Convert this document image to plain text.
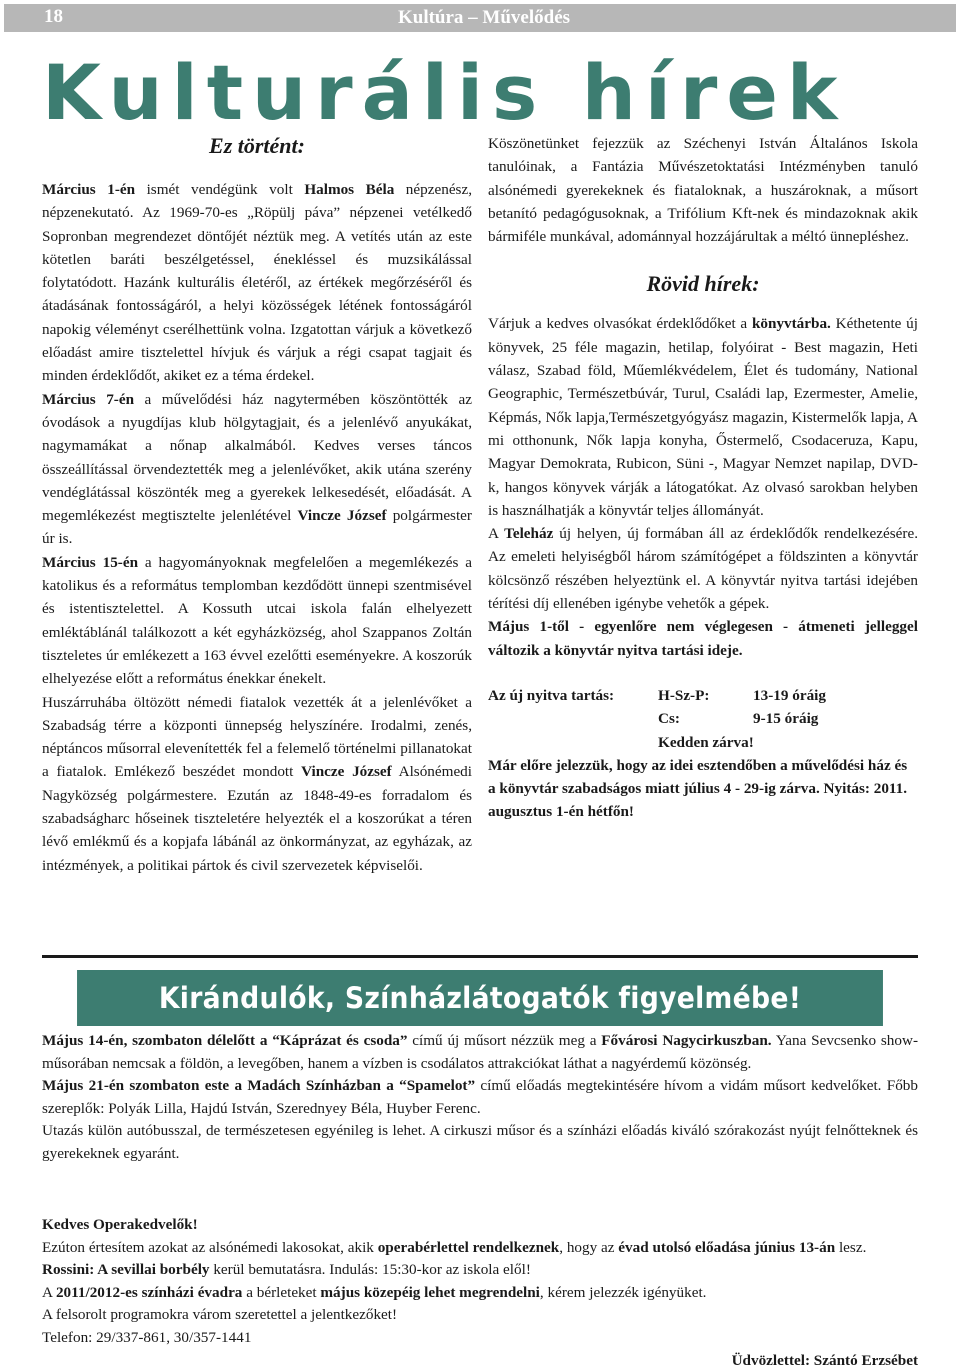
18	Kultúra – Művelődés
Kulturális hírek
Ez történt:

Március 1-én ismét vendégünk volt Halmos Béla népzenész, népzenekutató. Az 1969-70-es „Röpülj páva” népzenei vetélkedő Sopronban megrendezet döntőjét néztük meg. A vetítés után az este kötetlen baráti beszélgetéssel, énekléssel és muzsikálással folytatódott. Hazánk kulturális életéről, az értékek megőrzéséről és átadásának fontosságáról, a helyi közösségek létének fontosságáról napokig véleményt cserélhettünk volna. Izgatottan várjuk a következő előadást amire tisztelettel hívjuk és várjuk a régi csapat tagjait és minden érdeklődőt, akiket ez a téma érdekel.

Március 7-én a művelődési ház nagytermében köszöntötték az óvodások a nyugdíjas klub hölgytagjait, és a jelenlévő anyukákat, nagymamákat a nőnap alkalmából. Kedves verses táncos összeállítással örvendeztették meg a jelenlévőket, akik utána szerény vendéglátással köszönték meg a gyerekek lelkesedését, előadását. A megemlékezést megtisztelte jelenlétével Vincze József polgármester úr is.

Március 15-én a hagyományoknak megfelelően a megemlékezés a katolikus és a református templomban kezdődött ünnepi szentmisével és istentisztelettel. A Kossuth utcai iskola falán elhelyezett emléktáblánál találkozott a két egyházközség, ahol Szappanos Zoltán tiszteletes úr emlékezett a 163 évvel ezelőtti eseményekre. A koszorúk elhelyezése előtt a református énekkar énekelt.

Huszárruhába öltözött némedi fiatalok vezették át a jelenlévőket a Szabadság térre a központi ünnepség helyszínére. Irodalmi, zenés, néptáncos műsorral elevenítették fel a felemelő történelmi pillanatokat a fiatalok. Emlékező beszédet mondott Vincze József Alsónémedi Nagyközség polgármestere. Ezután az 1848-49-es forradalom és szabadságharc hőseinek tiszteletére helyezték el a koszorúkat a téren lévő emlékmű és a kopjafa lábánál az önkormányzat, az egyházak, az intézmények, a politikai pártok és civil szervezetek képviselői.

Köszönetünket fejezzük az Széchenyi István Általános Iskola tanulóinak, a Fantázia Művészetoktatási Intézményben tanuló alsónémedi gyerekeknek és fiataloknak, a huszároknak, a műsort betanító pedagógusoknak, a Trifólium Kft-nek és mindazoknak akik bármiféle munkával, adománnyal hozzájárultak a méltó ünnepléshez.

Rövid hírek:

Várjuk a kedves olvasókat érdeklődőket a könyvtárba. Kéthetente új könyvek, 25 féle magazin, hetilap, folyóirat - Best magazin, Heti válasz, Szabad föld, Műemlékvédelem, Élet és tudomány, National Geographic, Természetbúvár, Turul, Családi lap, Ezermester, Amelie, Képmás, Nők lapja,Természetgyógyász magazin, Kistermelők lapja, A mi otthonunk, Nők lapja konyha, Őstermelő, Csodaceruza, Kapu, Magyar Demokrata, Rubicon, Süni -, Magyar Nemzet napilap, DVD-k, hangos könyvek várják a látogatókat. Az olvasó sarokban helyben is használhatják a könyvtár teljes állományát.

A Teleház új helyen, új formában áll az érdeklődők rendelkezésére. Az emeleti helyiségből három számítógépet a földszinten a könyvtár kölcsönző részében helyeztünk el. A könyvtár nyitva tartási idejében térítési díj ellenében igénybe vehetők a gépek.

Május 1-től - egyenlőre nem véglegesen - átmeneti jelleggel változik a könyvtár nyitva tartási ideje.

Az új nyitva tartás:	H-Sz-P:	13-19 óráig
Cs:	9-15 óráig
Kedden zárva!

Már előre jelezzük, hogy az idei esztendőben a művelődési ház és a könyvtár szabadságos miatt július 4 - 29-ig zárva. Nyitás: 2011. augusztus 1-én hétfőn!

Kirándulók, Színházlátogatók figyelmébe!

Május 14-én, szombaton délelőtt a “Káprázat és csoda” című új műsort nézzük meg a Fővárosi Nagycirkuszban. Yana Sevcsenko show-műsorában nemcsak a földön, a levegőben, hanem a vízben is csodálatos attrakciókat láthat a nagyérdemű közönség.

Május 21-én szombaton este a Madách Színházban a “Spamelot” című előadás megtekintésére hívom a vidám műsort kedvelőket. Főbb szereplők: Polyák Lilla, Hajdú István, Szerednyey Béla, Huyber Ferenc.

Utazás külön autóbusszal, de természetesen egyénileg is lehet. A cirkuszi műsor és a színházi előadás kiváló szórakozást nyújt felnőtteknek és gyerekeknek egyaránt.

Kedves Operakedvelők!

Ezúton értesítem azokat az alsónémedi lakosokat, akik operabérlettel rendelkeznek, hogy az évad utolsó előadása június 13-án lesz. Rossini: A sevillai borbély kerül bemutatásra. Indulás: 15:30-kor az iskola elől!

A 2011/2012-es színházi évadra a bérleteket május közepéig lehet megrendelni, kérem jelezzék igényüket.

A felsorolt programokra várom szeretettel a jelentkezőket!

Telefon: 29/337-861, 30/357-1441

Üdvözlettel: Szántó Erzsébet
